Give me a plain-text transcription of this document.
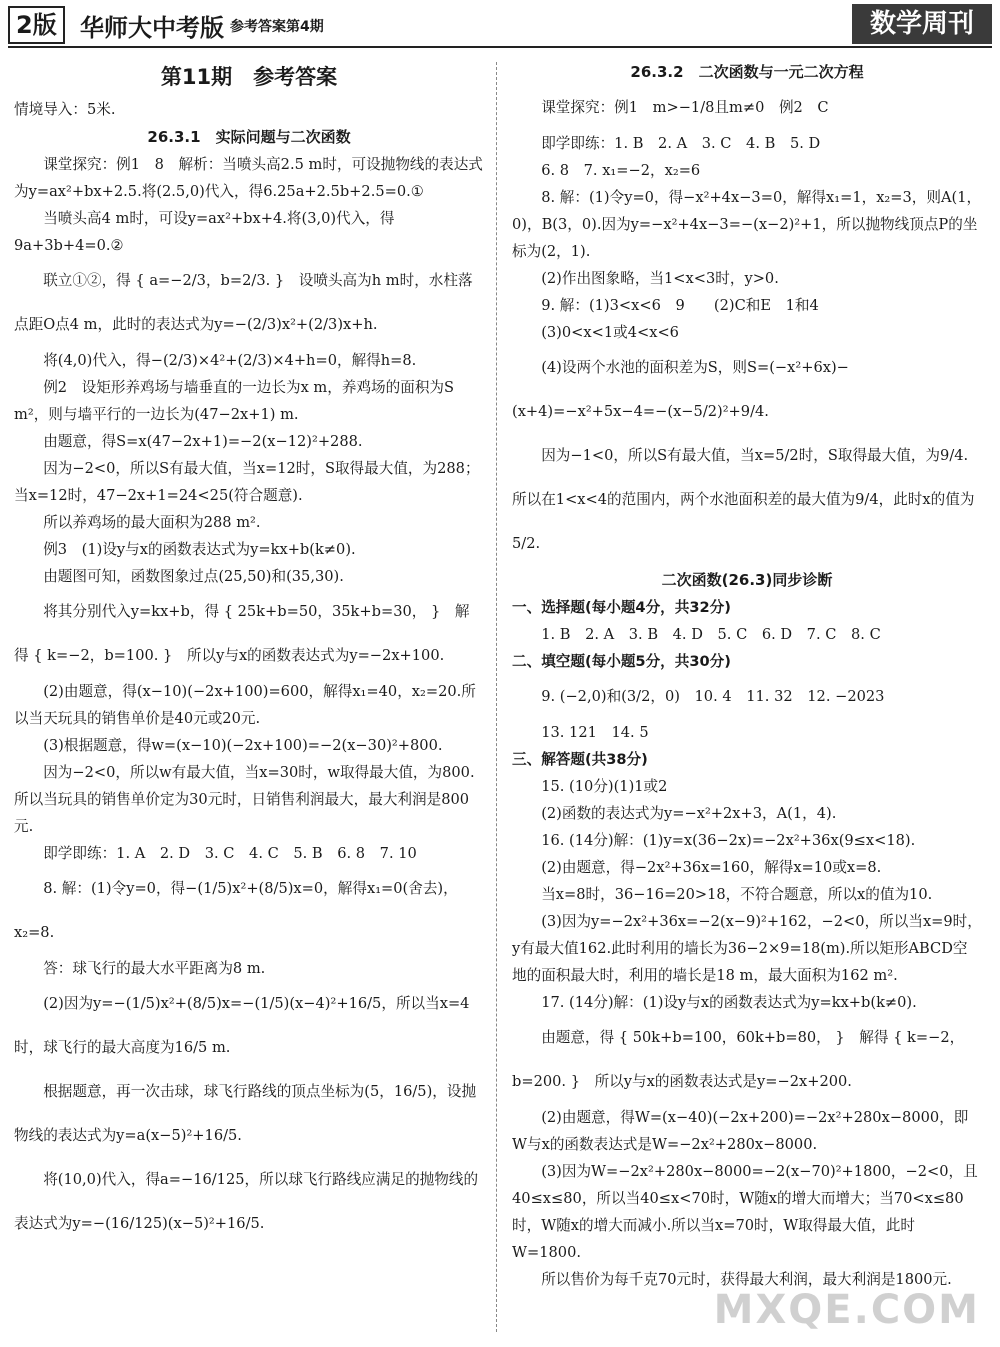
2版 华师大中考版 参考答案第4期	数学周刊
第11期　参考答案
情境导入：5米.
26.3.1　实际问题与二次函数
课堂探究：例1　8　解析：当喷头高2.5 m时，可设抛物线的表达式为y=ax²+bx+2.5.将(2.5,0)代入，得6.25a+2.5b+2.5=0.①
当喷头高4 m时，可设y=ax²+bx+4.将(3,0)代入，得9a+3b+4=0.②
联立①②，得 { a=−2/3，b=2/3. }　设喷头高为h m时，水柱落点距O点4 m，此时的表达式为y=−(2/3)x²+(2/3)x+h.
将(4,0)代入，得−(2/3)×4²+(2/3)×4+h=0，解得h=8.
例2　设矩形养鸡场与墙垂直的一边长为x m，养鸡场的面积为S m²，则与墙平行的一边长为(47−2x+1) m.
由题意，得S=x(47−2x+1)=−2(x−12)²+288.
因为−2<0，所以S有最大值，当x=12时，S取得最大值，为288；当x=12时，47−2x+1=24<25(符合题意).
所以养鸡场的最大面积为288 m².
例3　(1)设y与x的函数表达式为y=kx+b(k≠0).
由题图可知，函数图象过点(25,50)和(35,30).
将其分别代入y=kx+b，得 { 25k+b=50，35k+b=30， }　解得 { k=−2，b=100. }　所以y与x的函数表达式为y=−2x+100.
(2)由题意，得(x−10)(−2x+100)=600，解得x₁=40，x₂=20.所以当天玩具的销售单价是40元或20元.
(3)根据题意，得w=(x−10)(−2x+100)=−2(x−30)²+800.
因为−2<0，所以w有最大值，当x=30时，w取得最大值，为800.所以当玩具的销售单价定为30元时，日销售利润最大，最大利润是800元.
即学即练：1. A　2. D　3. C　4. C　5. B　6. 8　7. 10
8. 解：(1)令y=0，得−(1/5)x²+(8/5)x=0，解得x₁=0(舍去)，x₂=8.
答：球飞行的最大水平距离为8 m.
(2)因为y=−(1/5)x²+(8/5)x=−(1/5)(x−4)²+16/5，所以当x=4时，球飞行的最大高度为16/5 m.
根据题意，再一次击球，球飞行路线的顶点坐标为(5，16/5)，设抛物线的表达式为y=a(x−5)²+16/5.
将(10,0)代入，得a=−16/125，所以球飞行路线应满足的抛物线的表达式为y=−(16/125)(x−5)²+16/5.
26.3.2　二次函数与一元二次方程
课堂探究：例1　m>−1/8且m≠0　例2　C
即学即练：1. B　2. A　3. C　4. B　5. D
6. 8　7. x₁=−2，x₂=6
8. 解：(1)令y=0，得−x²+4x−3=0，解得x₁=1，x₂=3，则A(1，0)，B(3，0).因为y=−x²+4x−3=−(x−2)²+1，所以抛物线顶点P的坐标为(2，1).
(2)作出图象略，当1<x<3时，y>0.
9. 解：(1)3<x<6　9　　(2)C和E　1和4
(3)0<x<1或4<x<6
(4)设两个水池的面积差为S，则S=(−x²+6x)−(x+4)=−x²+5x−4=−(x−5/2)²+9/4.
因为−1<0，所以S有最大值，当x=5/2时，S取得最大值，为9/4.所以在1<x<4的范围内，两个水池面积差的最大值为9/4，此时x的值为5/2.
二次函数(26.3)同步诊断
一、选择题(每小题4分，共32分)
1. B　2. A　3. B　4. D　5. C　6. D　7. C　8. C
二、填空题(每小题5分，共30分)
9. (−2,0)和(3/2，0)　10. 4　11. 32　12. −2023
13. 121　14. 5
三、解答题(共38分)
15. (10分)(1)1或2
(2)函数的表达式为y=−x²+2x+3，A(1，4).
16. (14分)解：(1)y=x(36−2x)=−2x²+36x(9≤x<18).
(2)由题意，得−2x²+36x=160，解得x=10或x=8.
当x=8时，36−16=20>18，不符合题意，所以x的值为10.
(3)因为y=−2x²+36x=−2(x−9)²+162，−2<0，所以当x=9时，y有最大值162.此时利用的墙长为36−2×9=18(m).所以矩形ABCD空地的面积最大时，利用的墙长是18 m，最大面积为162 m².
17. (14分)解：(1)设y与x的函数表达式为y=kx+b(k≠0).
由题意，得 { 50k+b=100，60k+b=80， }　解得 { k=−2，b=200. }　所以y与x的函数表达式是y=−2x+200.
(2)由题意，得W=(x−40)(−2x+200)=−2x²+280x−8000，即W与x的函数表达式是W=−2x²+280x−8000.
(3)因为W=−2x²+280x−8000=−2(x−70)²+1800，−2<0，且40≤x≤80，所以当40≤x<70时，W随x的增大而增大；当70<x≤80时，W随x的增大而减小.所以当x=70时，W取得最大值，此时W=1800.
所以售价为每千克70元时，获得最大利润，最大利润是1800元.
MXQE.COM
